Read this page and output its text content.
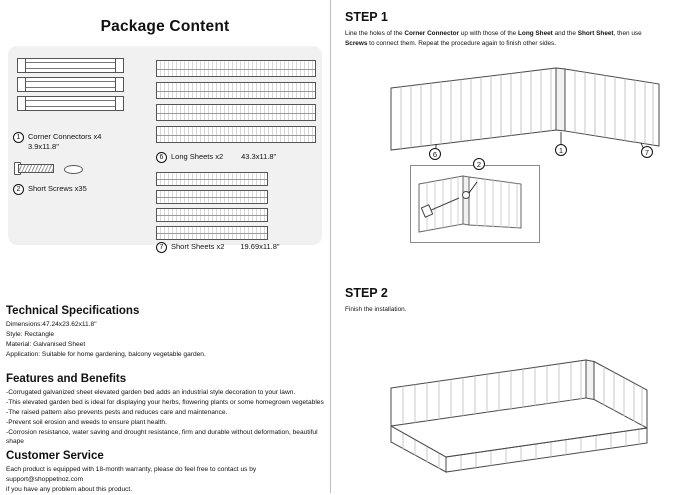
Package Content
1	Corner Connectors x4
3.9x11.8"
2	Short Screws x35
6	Long Sheets x2 43.3x11.8"
7	Short Sheets x2 19.69x11.8"
Technical Specifications

Dimensions:47.24x23.62x11.8"

Style: Rectangle

Material: Galvanised Sheet

Application: Suitable for home gardening, balcony vegetable garden.

Features and Benefits
-Corrugated galvanized sheet elevated garden bed adds an industrial style decoration to your lawn.
-This elevated garden bed is ideal for displaying your herbs, flowering plants or some homegrown vegetables
-The raised pattern also prevents pests and reduces care and maintenance.
-Prevent soil erosion and weeds to ensure plant health.
-Corrosion resistance, water saving and drought resistance, firm and durable without deformation, beautiful shape
Customer Service

Each product is equipped with 18-month warranty, please do feel free to contact us by support@shoppetnoz.com

if you have any problem about this product.

STEP 1

Line the holes of the Corner Connector up with those of the Long Sheet and the Short Sheet, then use Screws to connect them. Repeat the procedure again to finish other sides.

6	7
1
2
STEP 2

Finish the installation.
